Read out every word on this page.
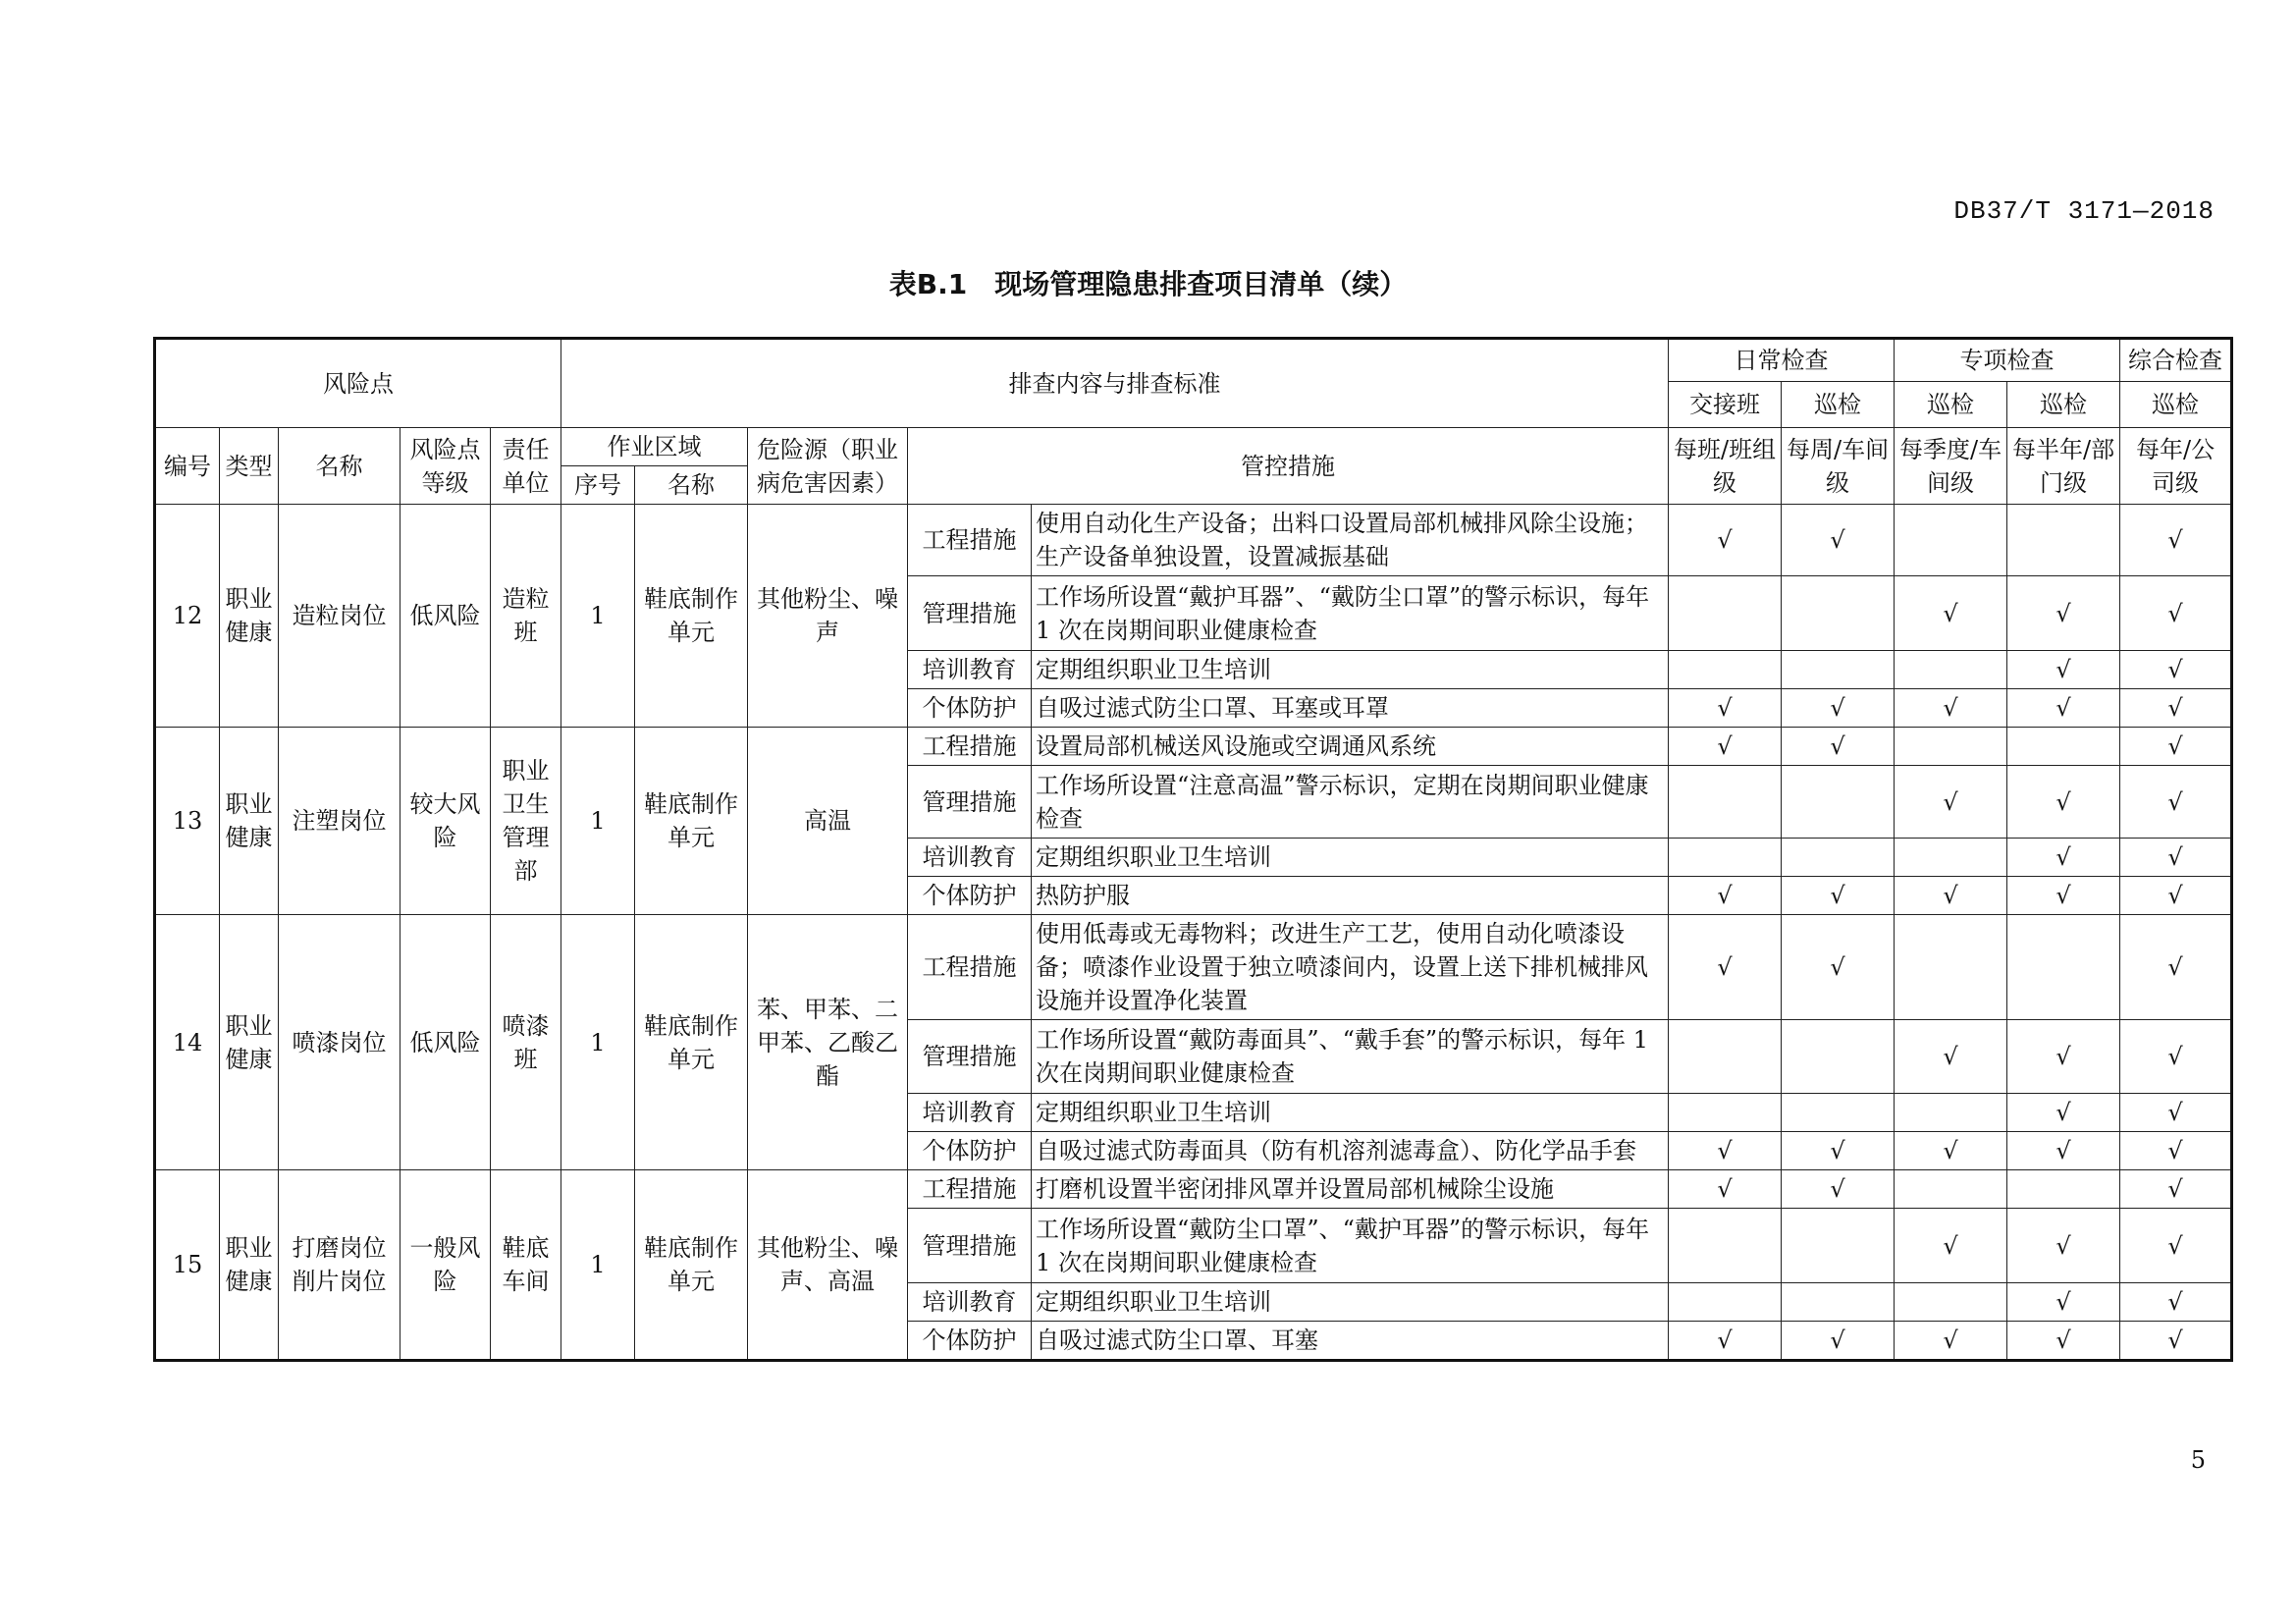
DB37/T 3171—2018
表B.1　现场管理隐患排查项目清单（续）
风险点					排查内容与排查标准					日常检查		专项检查		综合检查
										交接班	巡检	巡检	巡检	巡检
编号	类型	名称	风险点等级	责任单位	作业区域		危险源（职业病危害因素）	管控措施		每班/班组级	每周/车间级	每季度/车间级	每半年/部门级	每年/公司级
					序号	名称								
12	职业健康	造粒岗位	低风险	造粒班	1	鞋底制作单元	其他粉尘、噪声	工程措施	使用自动化生产设备；出料口设置局部机械排风除尘设施；生产设备单独设置，设置减振基础	√	√			√
								管理措施	工作场所设置“戴护耳器”、“戴防尘口罩”的警示标识，每年 1 次在岗期间职业健康检查			√	√	√
								培训教育	定期组织职业卫生培训				√	√
								个体防护	自吸过滤式防尘口罩、耳塞或耳罩	√	√	√	√	√
13	职业健康	注塑岗位	较大风险	职业卫生管理部	1	鞋底制作单元	高温	工程措施	设置局部机械送风设施或空调通风系统	√	√			√
								管理措施	工作场所设置“注意高温”警示标识，定期在岗期间职业健康检查			√	√	√
								培训教育	定期组织职业卫生培训				√	√
								个体防护	热防护服	√	√	√	√	√
14	职业健康	喷漆岗位	低风险	喷漆班	1	鞋底制作单元	苯、甲苯、二甲苯、乙酸乙酯	工程措施	使用低毒或无毒物料；改进生产工艺，使用自动化喷漆设备；喷漆作业设置于独立喷漆间内，设置上送下排机械排风设施并设置净化装置	√	√			√
								管理措施	工作场所设置“戴防毒面具”、“戴手套”的警示标识，每年 1 次在岗期间职业健康检查			√	√	√
								培训教育	定期组织职业卫生培训				√	√
								个体防护	自吸过滤式防毒面具（防有机溶剂滤毒盒）、防化学品手套	√	√	√	√	√
15	职业健康	打磨岗位削片岗位	一般风险	鞋底车间	1	鞋底制作单元	其他粉尘、噪声、高温	工程措施	打磨机设置半密闭排风罩并设置局部机械除尘设施	√	√			√
								管理措施	工作场所设置“戴防尘口罩”、“戴护耳器”的警示标识，每年 1 次在岗期间职业健康检查			√	√	√
								培训教育	定期组织职业卫生培训				√	√
								个体防护	自吸过滤式防尘口罩、耳塞	√	√	√	√	√
5
